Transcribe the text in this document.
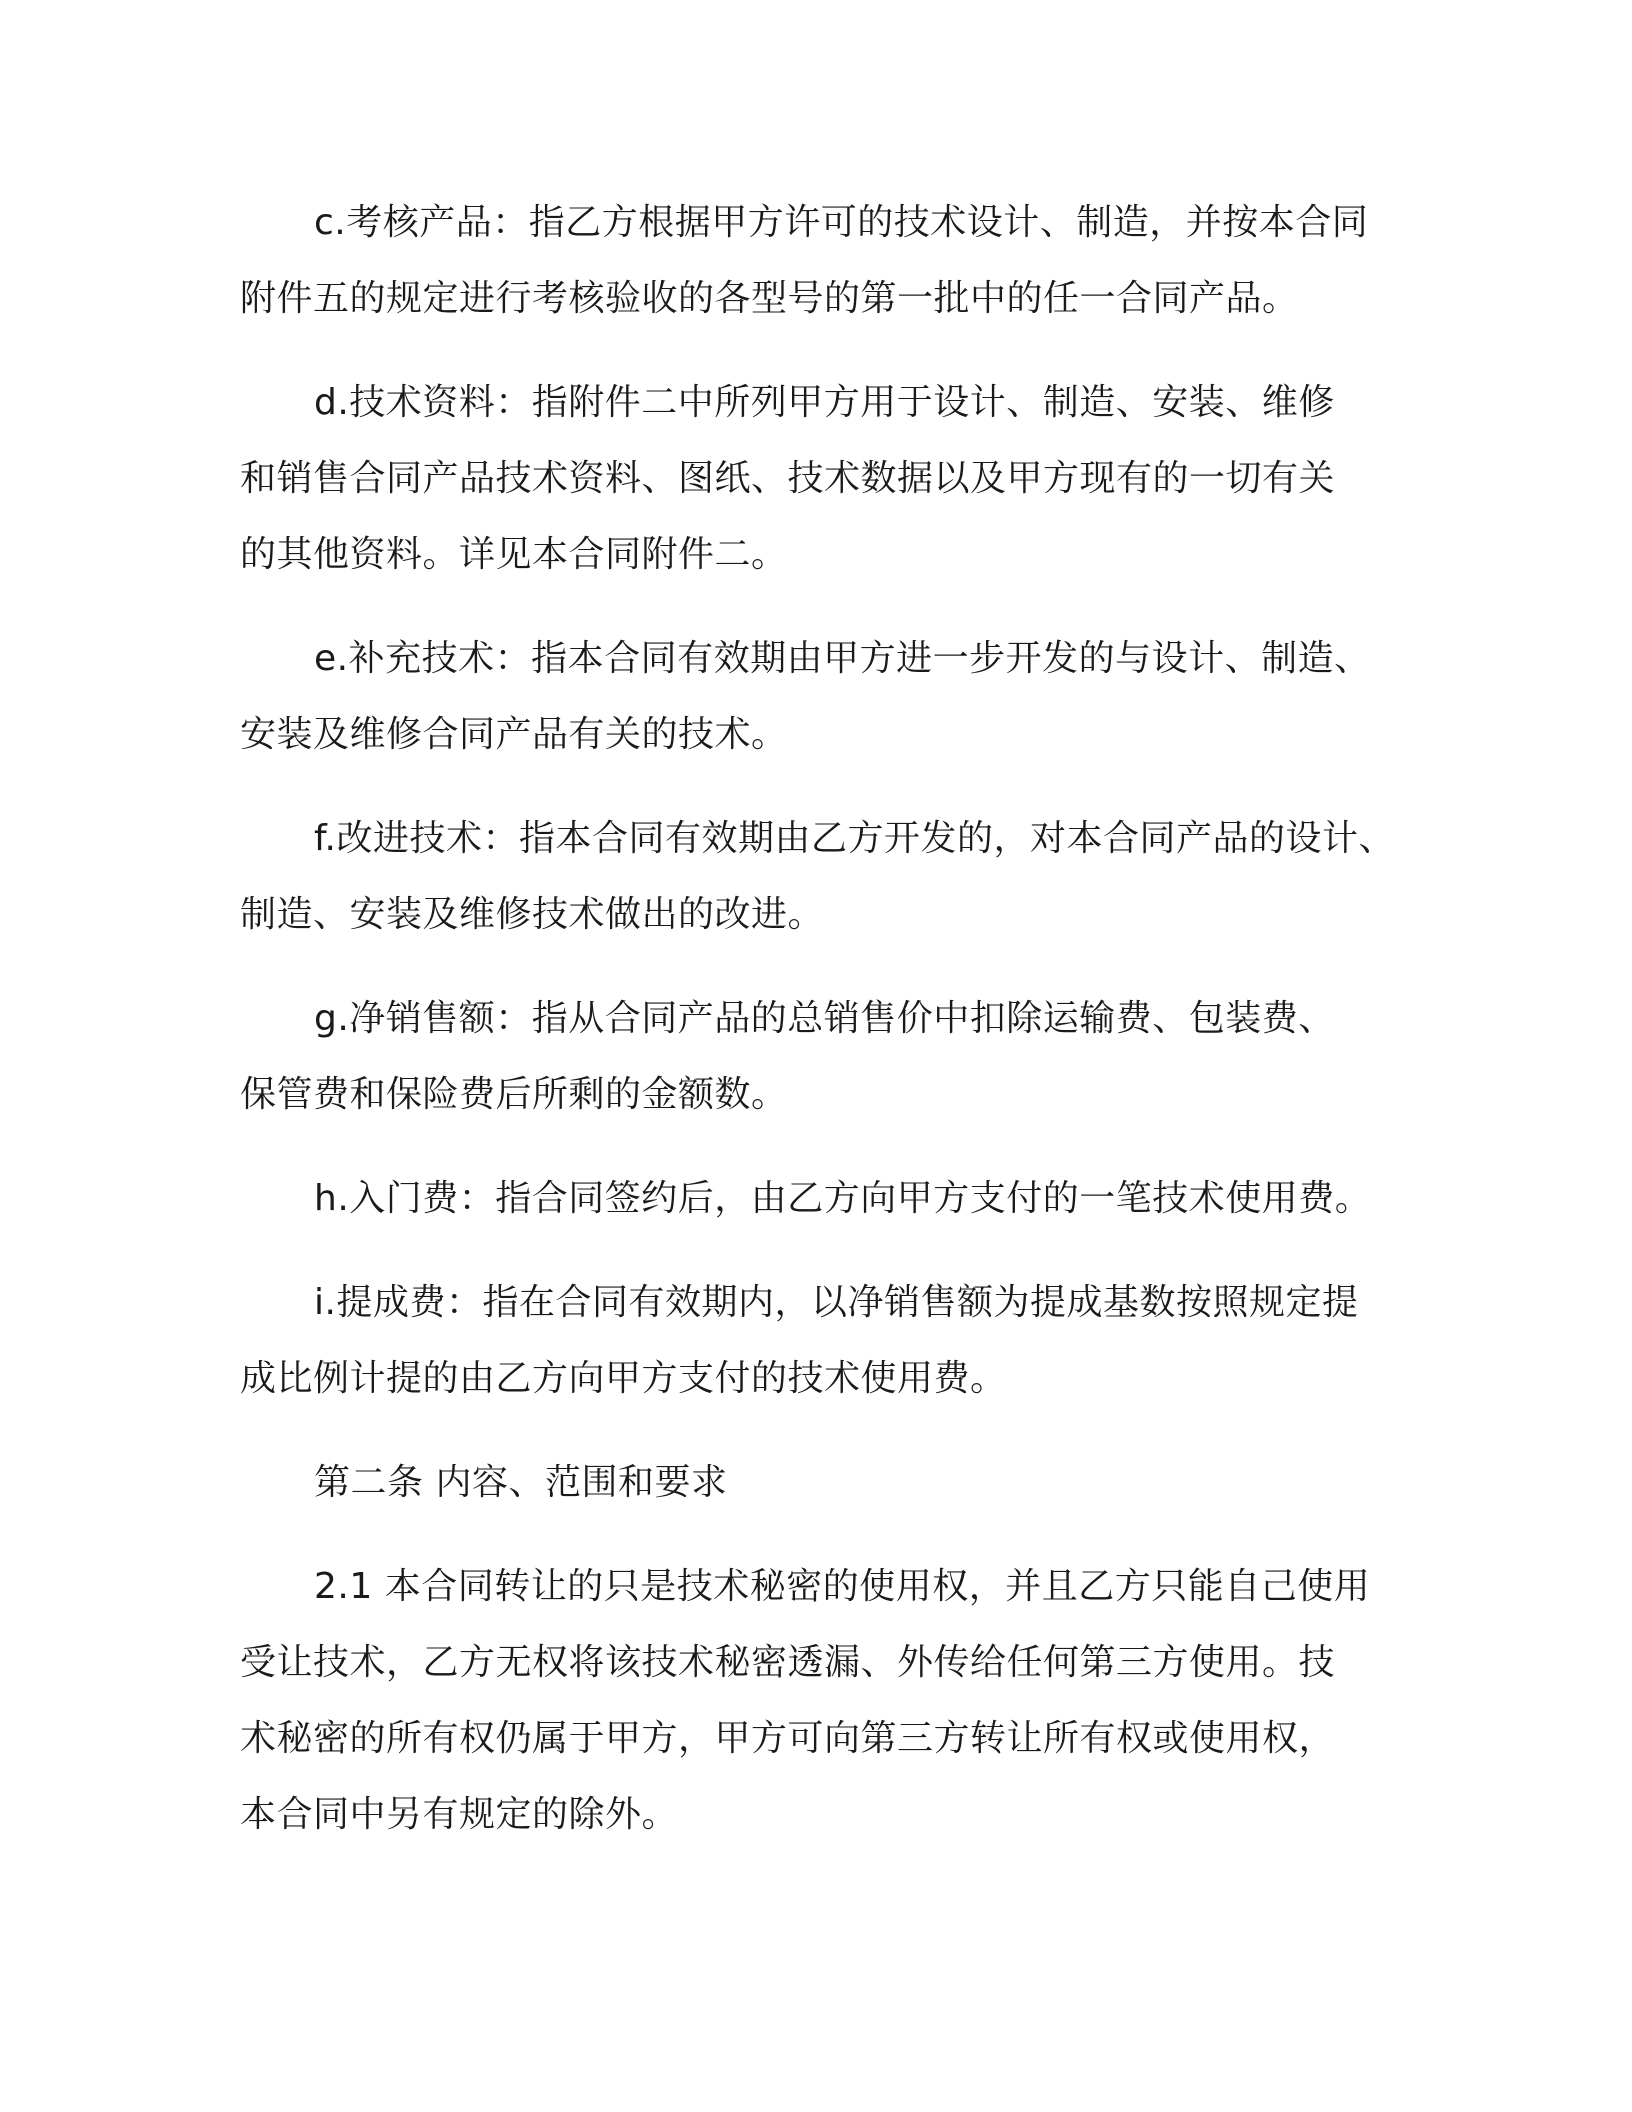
c.考核产品：指乙方根据甲方许可的技术设计、制造，并按本合同
附件五的规定进行考核验收的各型号的第一批中的任一合同产品。

d.技术资料：指附件二中所列甲方用于设计、制造、安装、维修
和销售合同产品技术资料、图纸、技术数据以及甲方现有的一切有关
的其他资料。详见本合同附件二。

e.补充技术：指本合同有效期由甲方进一步开发的与设计、制造、
安装及维修合同产品有关的技术。

f.改进技术：指本合同有效期由乙方开发的，对本合同产品的设计、
制造、安装及维修技术做出的改进。

g.净销售额：指从合同产品的总销售价中扣除运输费、包装费、
保管费和保险费后所剩的金额数。

h.入门费：指合同签约后，由乙方向甲方支付的一笔技术使用费。

i.提成费：指在合同有效期内，以净销售额为提成基数按照规定提
成比例计提的由乙方向甲方支付的技术使用费。

第二条 内容、范围和要求

2.1 本合同转让的只是技术秘密的使用权，并且乙方只能自己使用
受让技术，乙方无权将该技术秘密透漏、外传给任何第三方使用。技
术秘密的所有权仍属于甲方，甲方可向第三方转让所有权或使用权，
本合同中另有规定的除外。
